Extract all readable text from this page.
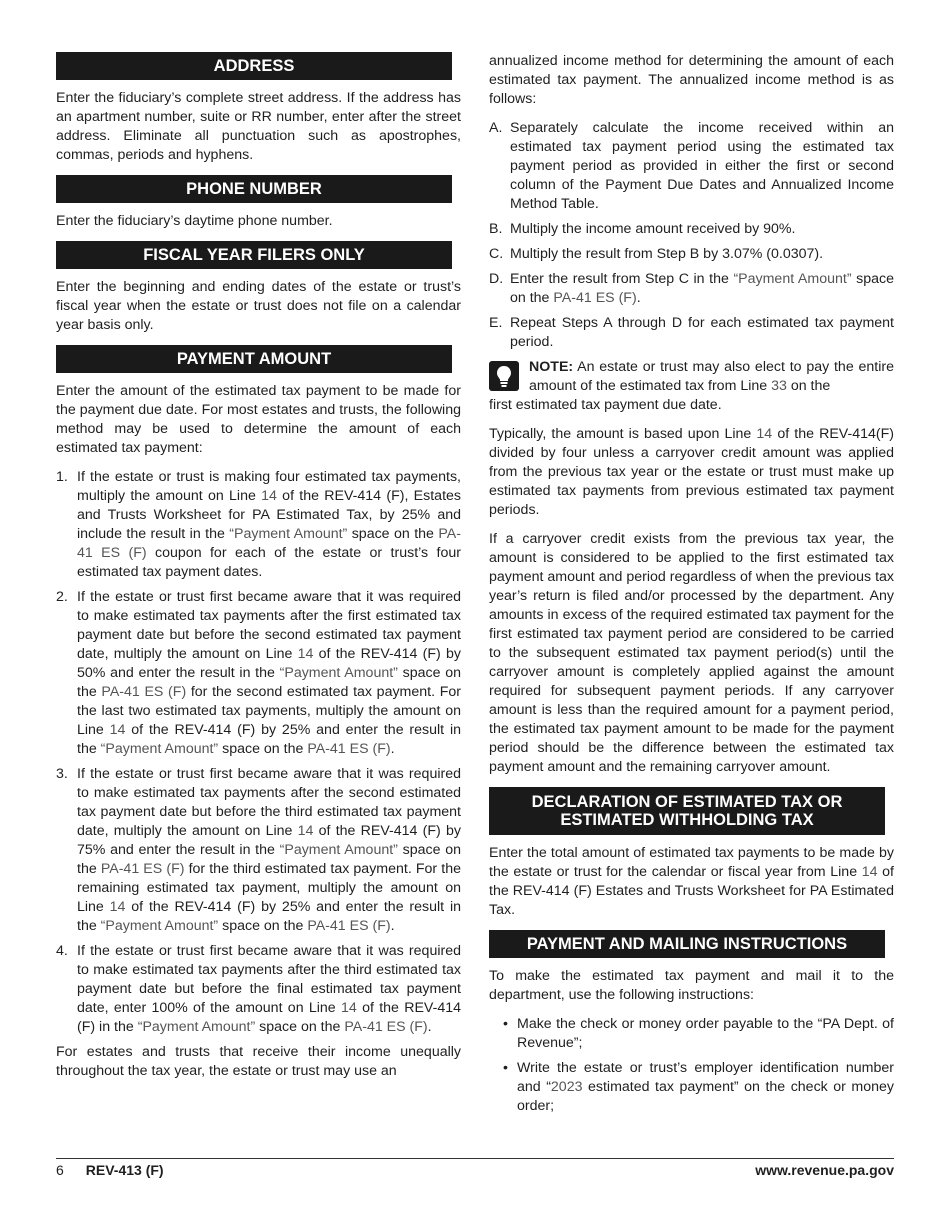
ADDRESS

Enter the fiduciary’s complete street address. If the address has an apartment number, suite or RR number, enter after the street address. Eliminate all punctuation such as apostrophes, commas, periods and hyphens.

PHONE NUMBER

Enter the fiduciary’s daytime phone number.

FISCAL YEAR FILERS ONLY

Enter the beginning and ending dates of the estate or trust’s fiscal year when the estate or trust does not file on a calendar year basis only.

PAYMENT AMOUNT

Enter the amount of the estimated tax payment to be made for the payment due date. For most estates and trusts, the following method may be used to determine the amount of each estimated tax payment:

1. If the estate or trust is making four estimated tax payments, multiply the amount on Line 14 of the REV-414 (F), Estates and Trusts Worksheet for PA Estimated Tax, by 25% and include the result in the “Payment Amount” space on the PA-41 ES (F) coupon for each of the estate or trust’s four estimated tax payment dates.
2. If the estate or trust first became aware that it was required to make estimated tax payments after the first estimated tax payment date but before the second estimated tax payment date, multiply the amount on Line 14 of the REV-414 (F) by 50% and enter the result in the “Payment Amount” space on the PA-41 ES (F) for the second estimated tax payment. For the last two estimated tax payments, multiply the amount on Line 14 of the REV-414 (F) by 25% and enter the result in the “Payment Amount” space on the PA-41 ES (F).
3. If the estate or trust first became aware that it was required to make estimated tax payments after the second estimated tax payment date but before the third estimated tax payment date, multiply the amount on Line 14 of the REV-414 (F) by 75% and enter the result in the “Payment Amount” space on the PA-41 ES (F) for the third estimated tax payment. For the remaining estimated tax payment, multiply the amount on Line 14 of the REV-414 (F) by 25% and enter the result in the “Payment Amount” space on the PA-41 ES (F).
4. If the estate or trust first became aware that it was required to make estimated tax payments after the third estimated tax payment date but before the final estimated tax payment date, enter 100% of the amount on Line 14 of the REV-414 (F) in the “Payment Amount” space on the PA-41 ES (F).

For estates and trusts that receive their income unequally throughout the tax year, the estate or trust may use an

annualized income method for determining the amount of each estimated tax payment. The annualized income method is as follows:

A. Separately calculate the income received within an estimated tax payment period using the estimated tax payment period as provided in either the first or second column of the Payment Due Dates and Annualized Income Method Table.
B. Multiply the income amount received by 90%.
C. Multiply the result from Step B by 3.07% (0.0307).
D. Enter the result from Step C in the “Payment Amount” space on the PA-41 ES (F).
E. Repeat Steps A through D for each estimated tax payment period.
NOTE: An estate or trust may also elect to pay the entire amount of the estimated tax from Line 33 on the
first estimated tax payment due date.

Typically, the amount is based upon Line 14 of the REV-414(F) divided by four unless a carryover credit amount was applied from the previous tax year or the estate or trust must make up estimated tax payments from previous estimated tax payment periods.

If a carryover credit exists from the previous tax year, the amount is considered to be applied to the first estimated tax payment amount and period regardless of when the previous tax year’s return is filed and/or processed by the department. Any amounts in excess of the required estimated tax payment for the first estimated tax payment period are considered to be carried to the subsequent estimated tax payment period(s) until the carryover amount is completely applied against the amount required for subsequent payment periods. If any carryover amount is less than the required amount for a payment period, the estimated tax payment amount to be made for the payment period should be the difference between the estimated tax payment amount and the remaining carryover amount.

DECLARATION OF ESTIMATED TAX OR
ESTIMATED WITHHOLDING TAX

Enter the total amount of estimated tax payments to be made by the estate or trust for the calendar or fiscal year from Line 14 of the REV-414 (F) Estates and Trusts Worksheet for PA Estimated Tax.

PAYMENT AND MAILING INSTRUCTIONS

To make the estimated tax payment and mail it to the department, use the following instructions:

• Make the check or money order payable to the “PA Dept. of Revenue”;
• Write the estate or trust’s employer identification number and “2023 estimated tax payment” on the check or money order;
6 REV-413 (F)	www.revenue.pa.gov
